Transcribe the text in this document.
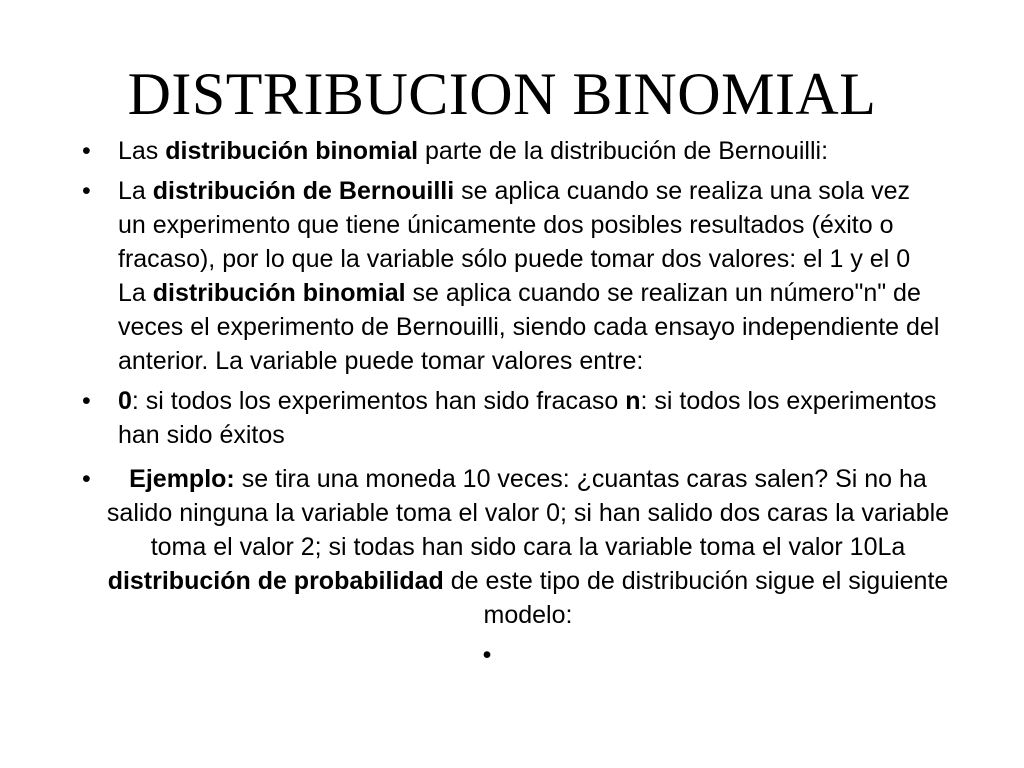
DISTRIBUCION BINOMIAL
• Las distribución binomial parte de la distribución de Bernouilli:
• La distribución de Bernouilli se aplica cuando se realiza una sola vez un experimento que tiene únicamente dos posibles resultados (éxito o fracaso), por lo que la variable sólo puede tomar dos valores: el 1 y el 0 La distribución binomial se aplica cuando se realizan un número"n" de veces el experimento de Bernouilli, siendo cada ensayo independiente del anterior. La variable puede tomar valores entre:
• 0: si todos los experimentos han sido fracaso n: si todos los experimentos han sido éxitos
• Ejemplo: se tira una moneda 10 veces: ¿cuantas caras salen? Si no ha salido ninguna la variable toma el valor 0; si han salido dos caras la variable toma el valor 2; si todas han sido cara la variable toma el valor 10La distribución de probabilidad de este tipo de distribución sigue el siguiente modelo:
•
